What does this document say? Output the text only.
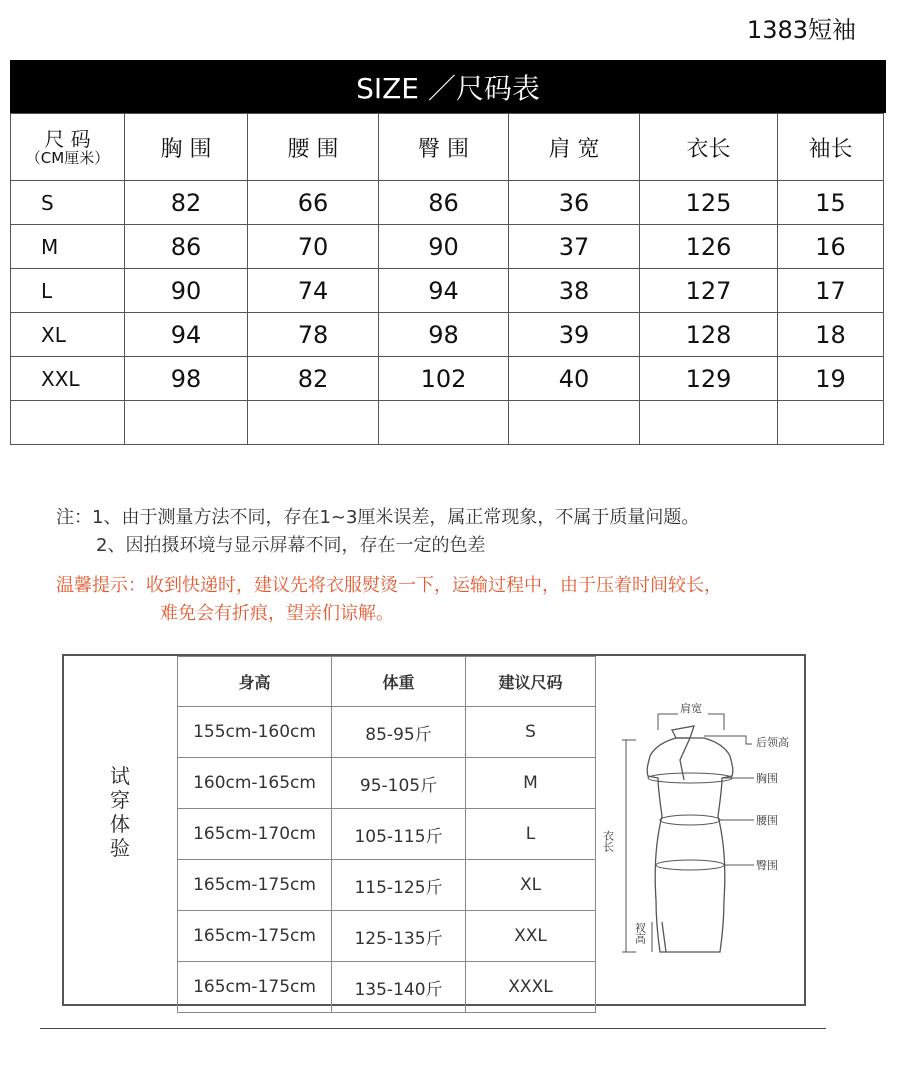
1383短袖
SIZE ／尺码表
尺 码
（CM厘米）	胸 围	腰 围	臀 围	肩 宽	衣长	袖长
S	82	66	86	36	125	15
M	86	70	90	37	126	16
L	90	74	94	38	127	17
XL	94	78	98	39	128	18
XXL	98	82	102	40	129	19

注：1、由于测量方法不同，存在1~3厘米误差，属正常现象，不属于质量问题。
2、因拍摄环境与显示屏幕不同，存在一定的色差
温馨提示：收到快递时，建议先将衣服熨烫一下，运输过程中，由于压着时间较长，
难免会有折痕，望亲们谅解。
试穿体验
身高	体重	建议尺码
155cm-160cm	85-95斤	S
160cm-165cm	95-105斤	M
165cm-170cm	105-115斤	L
165cm-175cm	115-125斤	XL
165cm-175cm	125-135斤	XXL
165cm-175cm	135-140斤	XXXL
肩宽
后领高
胸围
腰围
臀围
衣长
衩高
